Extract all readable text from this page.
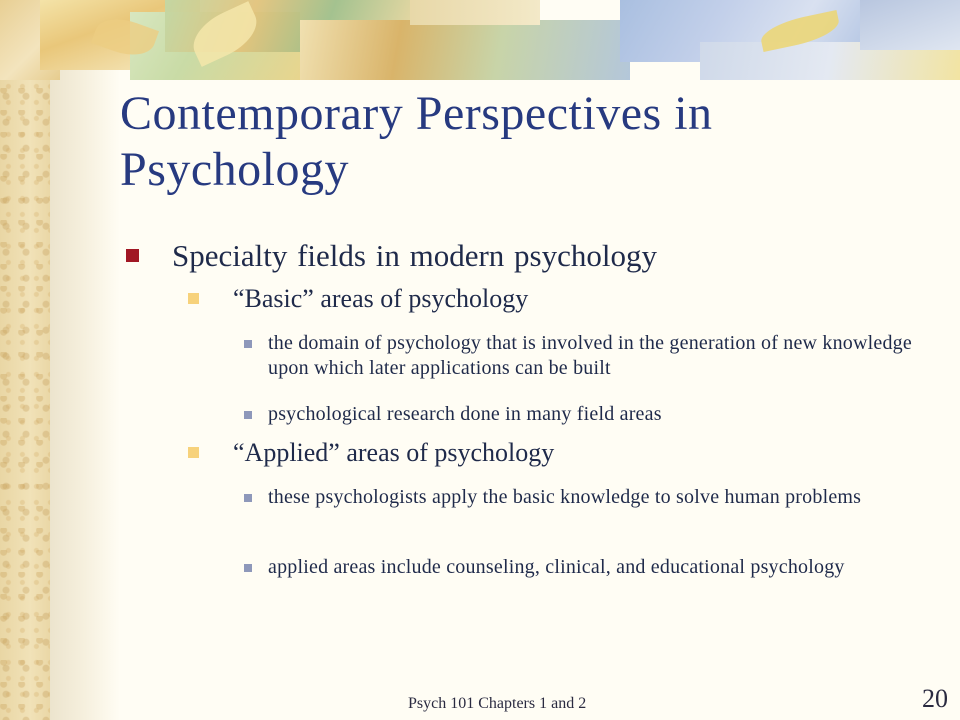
Contemporary Perspectives in Psychology
Specialty fields in modern psychology
“Basic” areas of psychology
the domain of psychology that is involved in the generation of new knowledge upon which later applications can be built
psychological research done in many field areas
“Applied” areas of psychology
these psychologists apply the basic knowledge to solve human problems
applied areas include counseling, clinical, and educational psychology
Psych 101 Chapters 1 and 2	20
